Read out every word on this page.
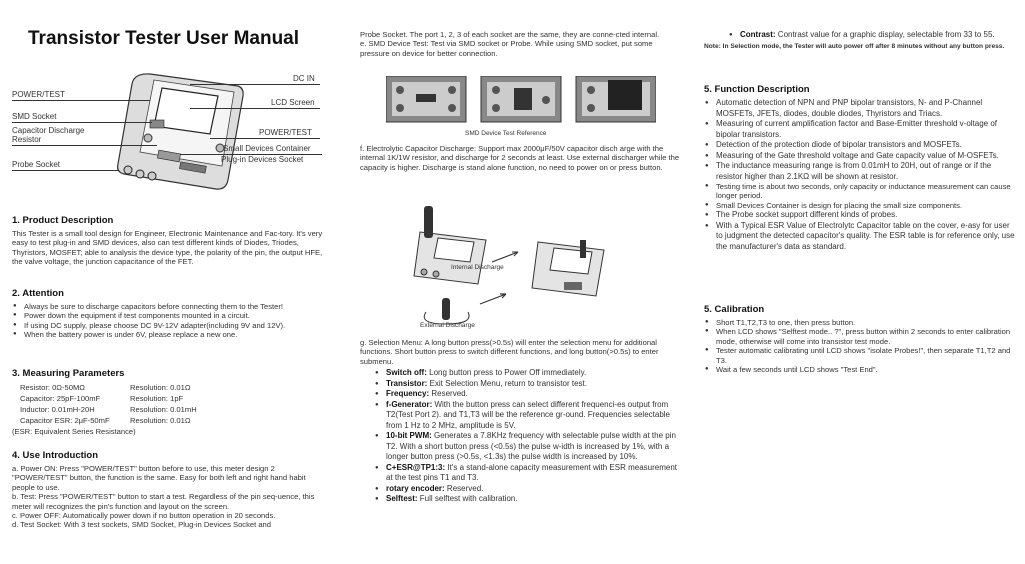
Transistor Tester User Manual
DC IN
POWER/TEST
LCD Screen
SMD Socket
Capacitor Discharge
Resistor
POWER/TEST
Small Devices Container
Plug-in Devices Socket
Probe Socket

1. Product Description

This Tester is a small tool design for Engineer, Electronic Maintenance and Fac-tory. It's very easy to test plug-in and SMD devices, also can test different kinds of Diodes, Triodes, Thyristors, MOSFET; able to analysis the device type, the polarity of the pin, the output HFE, the valve voltage, the junction capacitance of the FET.

2. Attention

● Always be sure to discharge capacitors before connecting them to the Tester!
● Power down the equipment if test components mounted in a circuit.
● If using DC supply, please choose DC 9V-12V adapter(including 9V and 12V).
● When the battery power is under 6V, please replace a new one.

3. Measuring Parameters

Resistor: 0Ω-50MΩ	Resolution: 0.01Ω
Capacitor: 25pF-100mF	Resolution: 1pF
Inductor: 0.01mH-20H	Resolution: 0.01mH
Capacitor ESR: 2μF-50mF	Resolution: 0.01Ω
(ESR: Equivalent Series Resistance)

4. Use Introduction

a. Power ON: Press "POWER/TEST" button before to use, this meter design 2 "POWER/TEST" button, the function is the same. Easy for both left and right hand habit people to use.

b. Test: Press "POWER/TEST" button to start a test. Regardless of the pin seq-uence, this meter will recognizes the pin's function and layout on the screen.

c. Power OFF: Automatically power down if no button operation in 20 seconds.

d. Test Socket: With 3 test sockets, SMD Socket, Plug-in Devices Socket and

Probe Socket. The port 1, 2, 3 of each socket are the same, they are conne-cted internal.

e. SMD Device Test: Test via SMD socket or Probe. While using SMD socket, put some pressure on device for better connection.

SMD Device Test Reference

f. Electrolytic Capacitor Discharge: Support max 2000μF/50V capacitor disch arge with the internal 1K/1W resistor, and discharge for 2 seconds at least. Use external discharger while the capacity is higher. Discharge is stand alone function, no need to power on or press button.

Internal Discharge
External Discharge

g. Selection Menu: A long button press(>0.5s) will enter the selection menu for additional functions. Short button press to switch different functions, and long button(>0.5s) to enter submenu.

● Switch off: Long button press to Power Off immediately.
● Transistor: Exit Selection Menu, return to transistor test.
● Frequency: Reserved.
● f-Generator: With the button press can select different frequenci-es output from T2(Test Port 2). and T1,T3 will be the reference gr-ound. Frequencies selectable from 1 Hz to 2 MHz, amplitude is 5V.
● 10-bit PWM: Generates a 7.8KHz frequency with selectable pulse width at the pin T2. With a short button press (<0.5s) the pulse w-idth is increased by 1%, with a longer button press (>0.5s, <1.3s) the pulse width is increased by 10%.
● C+ESR@TP1:3: It's a stand-alone capacity measurement with ESR measurement at the test pins T1 and T3.
● rotary encoder: Reserved.
● Selftest: Full selftest with calibration.
● Contrast: Contrast value for a graphic display, selectable from 33 to 55.

Note: In Selection mode, the Tester will auto power off after 8 minutes without any button press.

5. Function Description

● Automatic detection of NPN and PNP bipolar transistors, N- and P-Channel MOSFETs, JFETs, diodes, double diodes, Thyristors and Triacs.
● Measuring of current amplification factor and Base-Emitter threshold v-oltage of bipolar transistors.
● Detection of the protection diode of bipolar transistors and MOSFETs.
● Measuring of the Gate threshold voltage and Gate capacity value of M-OSFETs.
● The inductance measuring range is from 0.01mH to 20H, out of range or if the resistor higher than 2.1KΩ will be shown at resistor.
● Testing time is about two seconds, only capacity or inductance measurement can cause longer period.
● Small Devices Container is design for placing the small size components.
● The Probe socket support different kinds of probes.
● With a Typical ESR Value of Electrolytc Capacitor table on the cover, e-asy for user to judgment the detected capacitor's quality. The ESR table is for reference only, use the manufacturer's data as standard.

5. Calibration

● Short T1,T2,T3 to one, then press button.
● When LCD shows "Selftest mode.. ?", press button within 2 seconds to enter calibration mode, otherwise will come into transistor test mode.
● Tester automatic calibrating until LCD shows "isolate Probes!", then separate T1,T2 and T3.
● Wait a few seconds until LCD shows "Test End".
